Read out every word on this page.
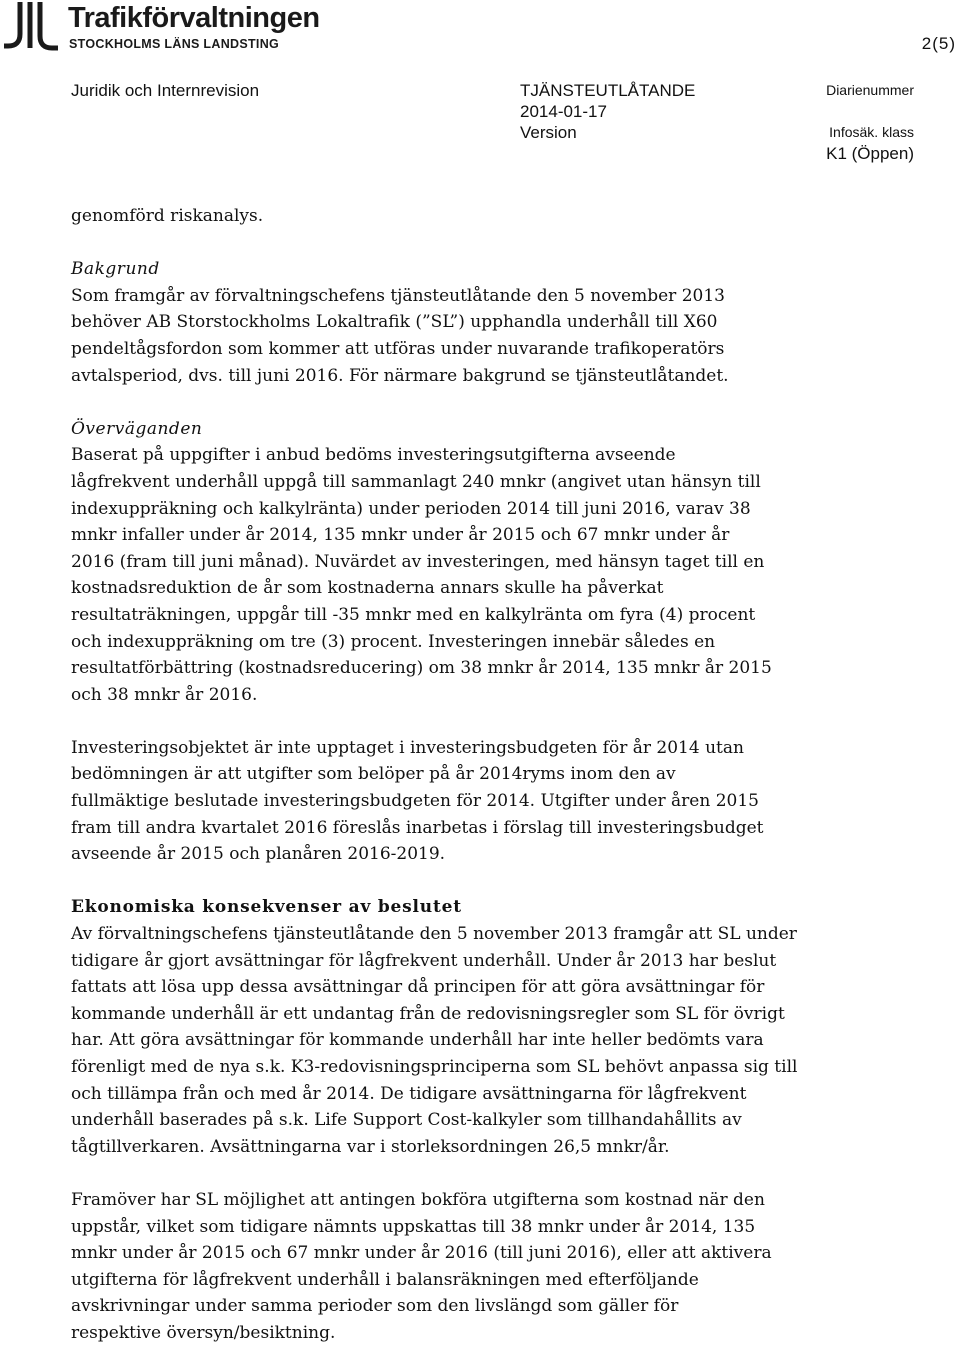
Trafikförvaltningen
STOCKHOLMS LÄNS LANDSTING	2(5)
Juridik och Internrevision	TJÄNSTEUTLÅTANDE
2014-01-17
Version
Diarienummer
Infosäk. klass
K1 (Öppen)

genomförd riskanalys.

Bakgrund

Som framgår av förvaltningschefens tjänsteutlåtande den 5 november 2013

behöver AB Storstockholms Lokaltrafik (”SL”) upphandla underhåll till X60

pendeltågsfordon som kommer att utföras under nuvarande trafikoperatörs

avtalsperiod, dvs. till juni 2016. För närmare bakgrund se tjänsteutlåtandet.

Överväganden

Baserat på uppgifter i anbud bedöms investeringsutgifterna avseende

lågfrekvent underhåll uppgå till sammanlagt 240 mnkr (angivet utan hänsyn till

indexuppräkning och kalkylränta) under perioden 2014 till juni 2016, varav 38

mnkr infaller under år 2014, 135 mnkr under år 2015 och 67 mnkr under år

2016 (fram till juni månad). Nuvärdet av investeringen, med hänsyn taget till en

kostnadsreduktion de år som kostnaderna annars skulle ha påverkat

resultaträkningen, uppgår till -35 mnkr med en kalkylränta om fyra (4) procent

och indexuppräkning om tre (3) procent. Investeringen innebär således en

resultatförbättring (kostnadsreducering) om 38 mnkr år 2014, 135 mnkr år 2015

och 38 mnkr år 2016.

Investeringsobjektet är inte upptaget i investeringsbudgeten för år 2014 utan

bedömningen är att utgifter som belöper på år 2014ryms inom den av

fullmäktige beslutade investeringsbudgeten för 2014. Utgifter under åren 2015

fram till andra kvartalet 2016 föreslås inarbetas i förslag till investeringsbudget

avseende år 2015 och planåren 2016-2019.

Ekonomiska konsekvenser av beslutet

Av förvaltningschefens tjänsteutlåtande den 5 november 2013 framgår att SL under

tidigare år gjort avsättningar för lågfrekvent underhåll. Under år 2013 har beslut

fattats att lösa upp dessa avsättningar då principen för att göra avsättningar för

kommande underhåll är ett undantag från de redovisningsregler som SL för övrigt

har. Att göra avsättningar för kommande underhåll har inte heller bedömts vara

förenligt med de nya s.k. K3-redovisningsprinciperna som SL behövt anpassa sig till

och tillämpa från och med år 2014. De tidigare avsättningarna för lågfrekvent

underhåll baserades på s.k. Life Support Cost-kalkyler som tillhandahållits av

tågtillverkaren. Avsättningarna var i storleksordningen 26,5 mnkr/år.

Framöver har SL möjlighet att antingen bokföra utgifterna som kostnad när den

uppstår, vilket som tidigare nämnts uppskattas till 38 mnkr under år 2014, 135

mnkr under år 2015 och 67 mnkr under år 2016 (till juni 2016), eller att aktivera

utgifterna för lågfrekvent underhåll i balansräkningen med efterföljande

avskrivningar under samma perioder som den livslängd som gäller för

respektive översyn/besiktning.
